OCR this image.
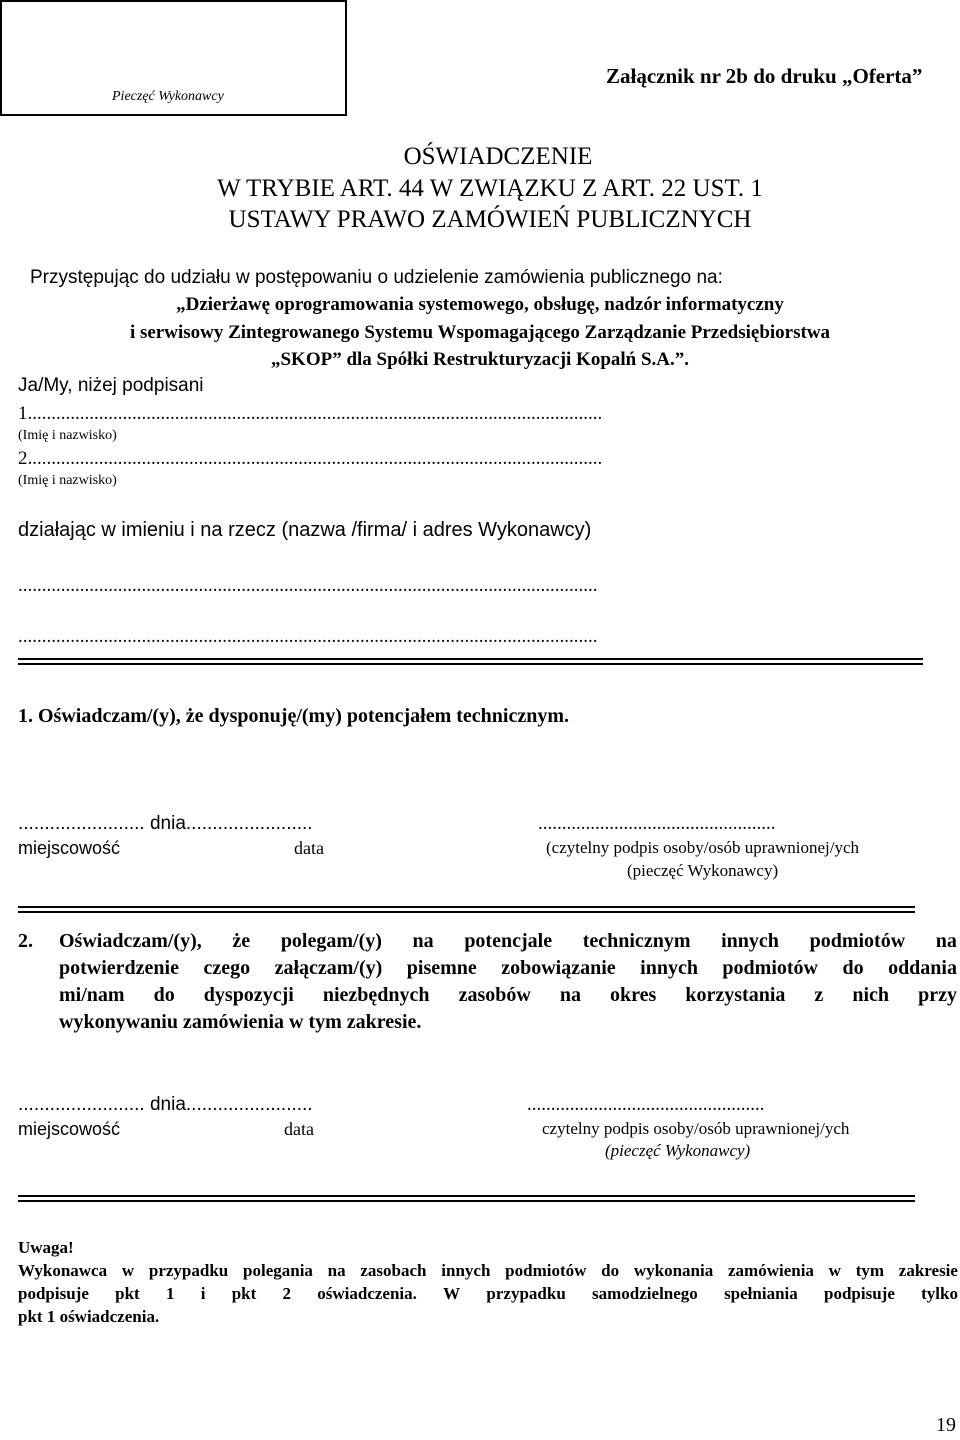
Pieczęć Wykonawcy
Załącznik nr 2b do druku „Oferta”
OŚWIADCZENIE
W TRYBIE ART. 44 W ZWIĄZKU Z ART. 22 UST. 1
USTAWY PRAWO ZAMÓWIEŃ PUBLICZNYCH
Przystępując do udziału w postępowaniu o udzielenie zamówienia publicznego na:
„Dzierżawę oprogramowania systemowego, obsługę, nadzór informatyczny
i serwisowy Zintegrowanego Systemu Wspomagającego Zarządzanie Przedsiębiorstwa
„SKOP” dla Spółki Restrukturyzacji Kopalń S.A.”.
Ja/My, niżej podpisani
1.........................................................................................................................
(Imię i nazwisko)
2.........................................................................................................................
(Imię i nazwisko)
działając w imieniu i na rzecz (nazwa /firma/ i adres Wykonawcy)
..........................................................................................................................
..........................................................................................................................
1. Oświadczam/(y), że dysponuję/(my) potencjałem technicznym.
........................ dnia........................	..................................................
miejscowość	data	(czytelny podpis osoby/osób uprawnionej/ych
(pieczęć Wykonawcy)
2. Oświadczam/(y), że polegam/(y) na potencjale technicznym innych podmiotów na
potwierdzenie czego załączam/(y) pisemne zobowiązanie innych podmiotów do oddania
mi/nam do dyspozycji niezbędnych zasobów na okres korzystania z nich przy
wykonywaniu zamówienia w tym zakresie.
........................ dnia........................	..................................................
miejscowość	data	czytelny podpis osoby/osób uprawnionej/ych
(pieczęć Wykonawcy)
Uwaga!
Wykonawca w przypadku polegania na zasobach innych podmiotów do wykonania zamówienia w tym zakresie
podpisuje pkt 1 i pkt 2 oświadczenia. W przypadku samodzielnego spełniania podpisuje tylko
pkt 1 oświadczenia.
19
